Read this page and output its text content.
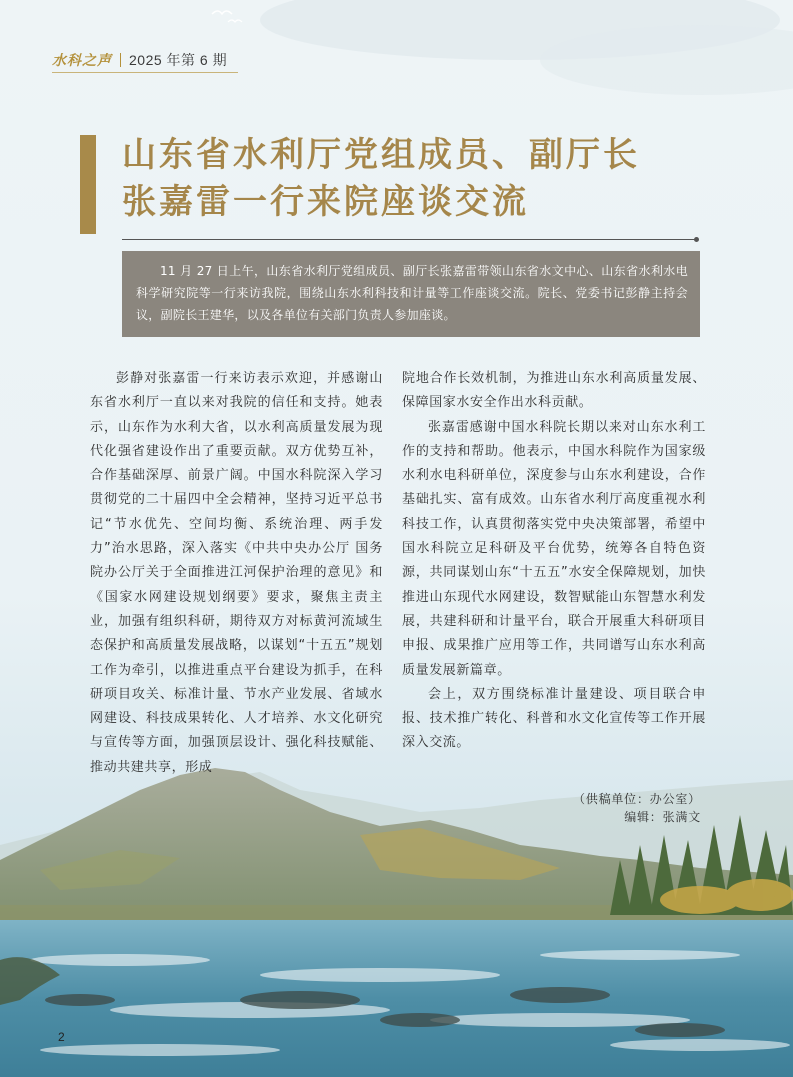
水科之声 2025 年第 6 期
山东省水利厅党组成员、副厅长
张嘉雷一行来院座谈交流

11 月 27 日上午，山东省水利厅党组成员、副厅长张嘉雷带领山东省水文中心、山东省水利水电科学研究院等一行来访我院，围绕山东水利科技和计量等工作座谈交流。院长、党委书记彭静主持会议，副院长王建华，以及各单位有关部门负责人参加座谈。

彭静对张嘉雷一行来访表示欢迎，并感谢山东省水利厅一直以来对我院的信任和支持。她表示，山东作为水利大省，以水利高质量发展为现代化强省建设作出了重要贡献。双方优势互补，合作基础深厚、前景广阔。中国水科院深入学习贯彻党的二十届四中全会精神，坚持习近平总书记“节水优先、空间均衡、系统治理、两手发力”治水思路，深入落实《中共中央办公厅 国务院办公厅关于全面推进江河保护治理的意见》和《国家水网建设规划纲要》要求，聚焦主责主业，加强有组织科研，期待双方对标黄河流域生态保护和高质量发展战略，以谋划“十五五”规划工作为牵引，以推进重点平台建设为抓手，在科研项目攻关、标准计量、节水产业发展、省域水网建设、科技成果转化、人才培养、水文化研究与宣传等方面，加强顶层设计、强化科技赋能、推动共建共享，形成

院地合作长效机制，为推进山东水利高质量发展、保障国家水安全作出水科贡献。

张嘉雷感谢中国水科院长期以来对山东水利工作的支持和帮助。他表示，中国水科院作为国家级水利水电科研单位，深度参与山东水利建设，合作基础扎实、富有成效。山东省水利厅高度重视水利科技工作，认真贯彻落实党中央决策部署，希望中国水科院立足科研及平台优势，统筹各自特色资源，共同谋划山东“十五五”水安全保障规划，加快推进山东现代水网建设，数智赋能山东智慧水利发展，共建科研和计量平台，联合开展重大科研项目申报、成果推广应用等工作，共同谱写山东水利高质量发展新篇章。

会上，双方围绕标准计量建设、项目联合申报、技术推广转化、科普和水文化宣传等工作开展深入交流。

（供稿单位：办公室）
编辑：张满文
2
